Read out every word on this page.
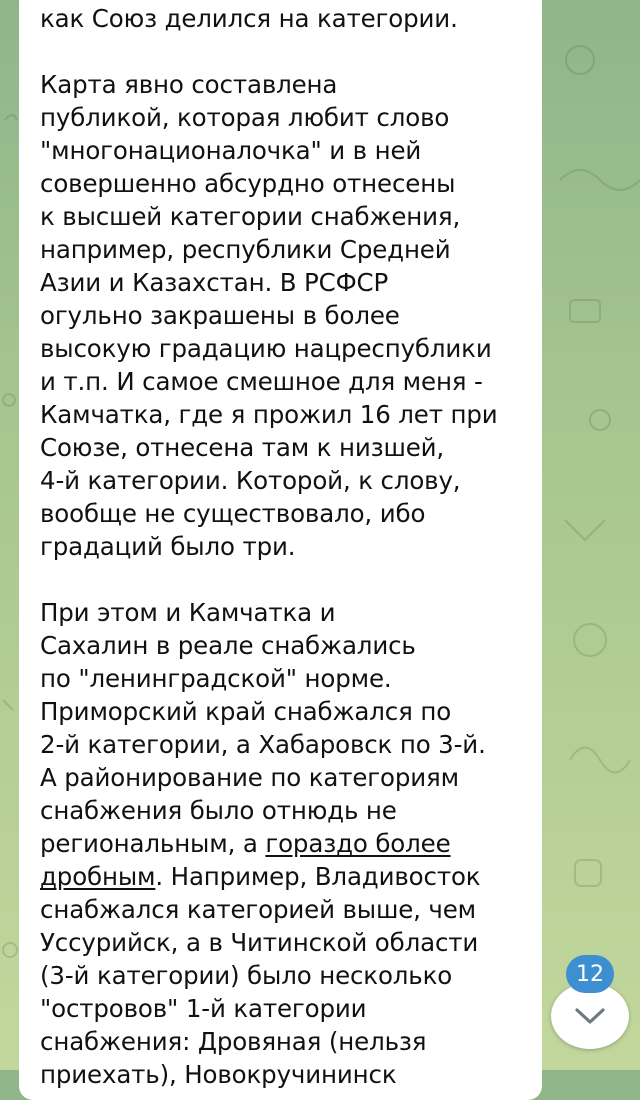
как Союз делился на категории.

Карта явно составлена
публикой, которая любит слово
"многонационалочка" и в ней
совершенно абсурдно отнесены
к высшей категории снабжения,
например, республики Средней
Азии и Казахстан. В РСФСР
огульно закрашены в более
высокую градацию нацреспублики
и т.п. И самое смешное для меня -
Камчатка, где я прожил 16 лет при
Союзе, отнесена там к низшей,
4-й категории. Которой, к слову,
вообще не существовало, ибо
градаций было три.

При этом и Камчатка и
Сахалин в реале снабжались
по "ленинградской" норме.
Приморский край снабжался по
2-й категории, а Хабаровск по 3-й.
А районирование по категориям
снабжения было отнюдь не
региональным, а гораздо более дробным. Например, Владивосток
снабжался категорией выше, чем
Уссурийск, а в Читинской области
(3-й категории) было несколько
"островов" 1-й категории
снабжения: Дровяная (нельзя
приехать), Новокручининск

12
